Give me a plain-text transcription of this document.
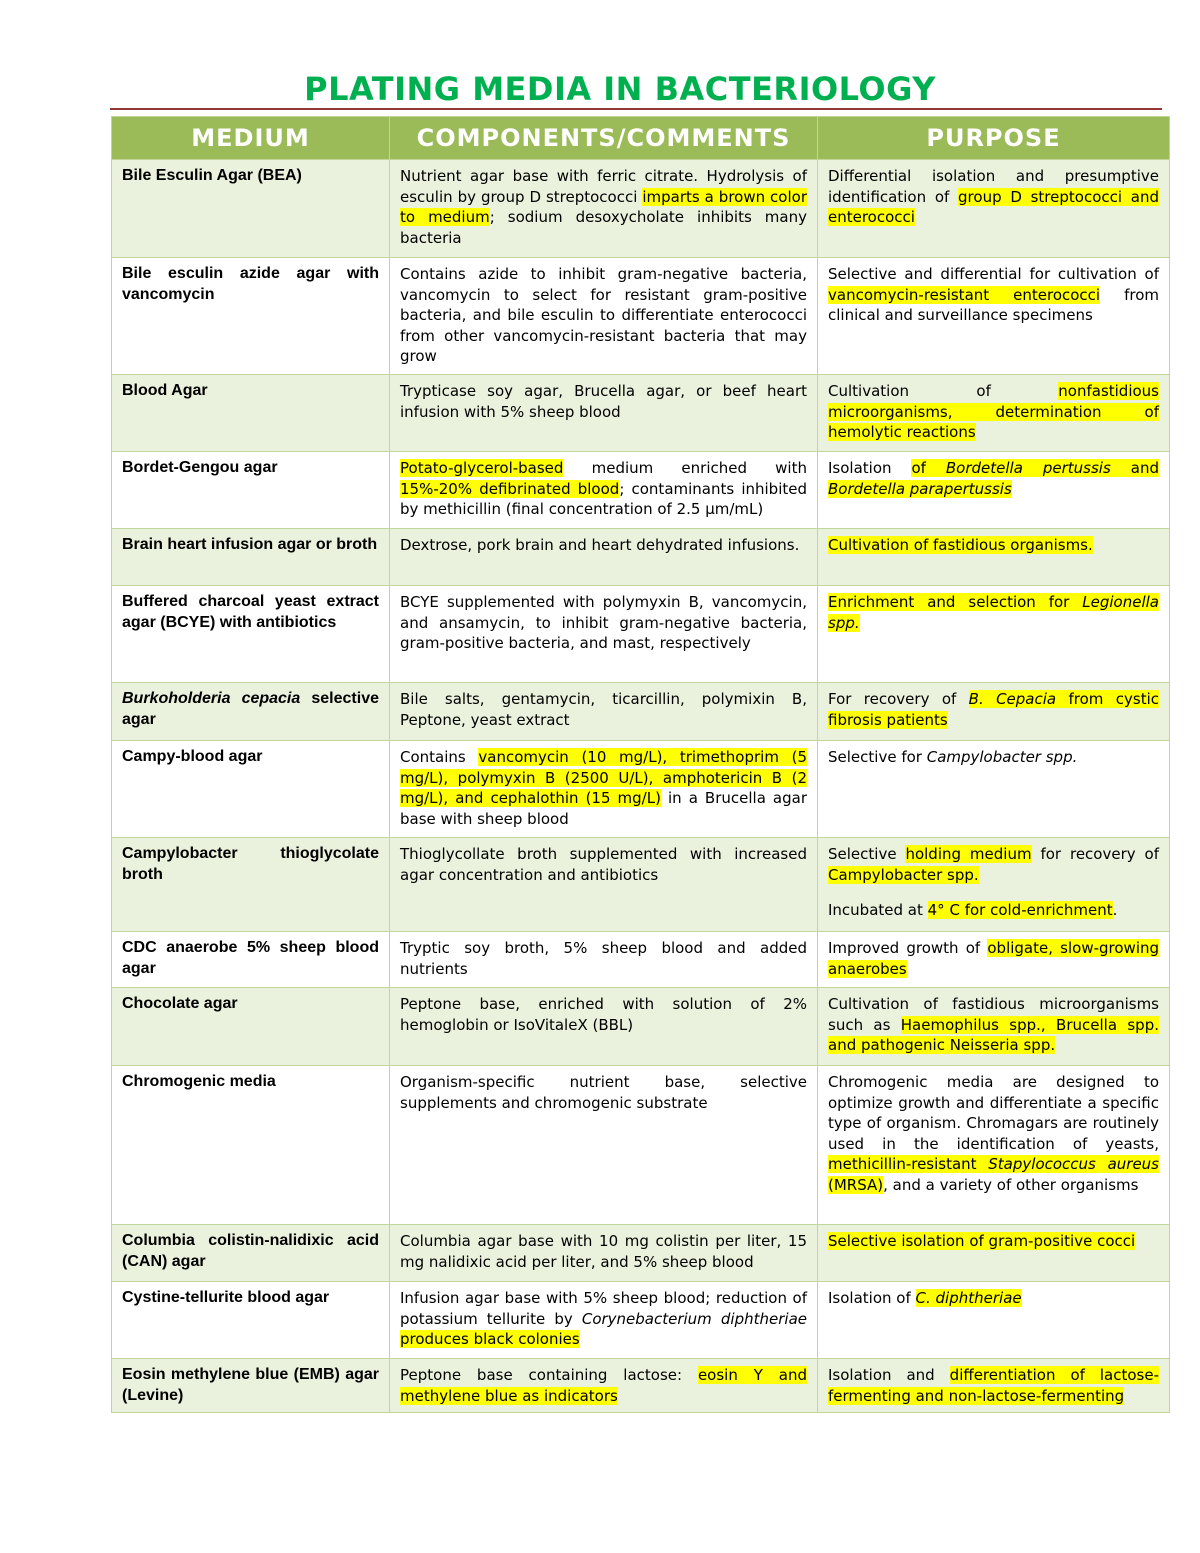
PLATING MEDIA IN BACTERIOLOGY
MEDIUM	COMPONENTS/COMMENTS	PURPOSE
Bile Esculin Agar (BEA)	Nutrient agar base with ferric citrate. Hydrolysis of esculin by group D streptococci imparts a brown color to medium; sodium desoxycholate inhibits many bacteria	Differential isolation and presumptive identification of group D streptococci and enterococci

Bile esculin azide agar with vancomycin	Contains azide to inhibit gram-negative bacteria, vancomycin to select for resistant gram-positive bacteria, and bile esculin to differentiate enterococci from other vancomycin-resistant bacteria that may grow	Selective and differential for cultivation of vancomycin-resistant enterococci from clinical and surveillance specimens

Blood Agar	Trypticase soy agar, Brucella agar, or beef heart infusion with 5% sheep blood	Cultivation of nonfastidious microorganisms, determination of hemolytic reactions

Bordet-Gengou agar	Potato-glycerol-based medium enriched with 15%-20% defibrinated blood; contaminants inhibited by methicillin (final concentration of 2.5 µm/mL)	Isolation of Bordetella pertussis and Bordetella parapertussis

Brain heart infusion agar or broth	Dextrose, pork brain and heart dehydrated infusions.	Cultivation of fastidious organisms.

Buffered charcoal yeast extract agar (BCYE) with antibiotics	BCYE supplemented with polymyxin B, vancomycin, and ansamycin, to inhibit gram-negative bacteria, gram-positive bacteria, and mast, respectively	Enrichment and selection for Legionella spp.

Burkoholderia cepacia selective agar	Bile salts, gentamycin, ticarcillin, polymixin B, Peptone, yeast extract	For recovery of B. Cepacia from cystic fibrosis patients

Campy-blood agar	Contains vancomycin (10 mg/L), trimethoprim (5 mg/L), polymyxin B (2500 U/L), amphotericin B (2 mg/L), and cephalothin (15 mg/L) in a Brucella agar base with sheep blood	Selective for Campylobacter spp.

Campylobacter thioglycolate broth	Thioglycollate broth supplemented with increased agar concentration and antibiotics	Selective holding medium for recovery of Campylobacter spp.

Incubated at 4° C for cold-enrichment.

CDC anaerobe 5% sheep blood agar	Tryptic soy broth, 5% sheep blood and added nutrients	Improved growth of obligate, slow-growing anaerobes

Chocolate agar	Peptone base, enriched with solution of 2% hemoglobin or IsoVitaleX (BBL)	Cultivation of fastidious microorganisms such as Haemophilus spp., Brucella spp. and pathogenic Neisseria spp.

Chromogenic media	Organism-specific nutrient base, selective supplements and chromogenic substrate	Chromogenic media are designed to optimize growth and differentiate a specific type of organism. Chromagars are routinely used in the identification of yeasts, methicillin-resistant Stapylococcus aureus (MRSA), and a variety of other organisms

Columbia colistin-nalidixic acid (CAN) agar	Columbia agar base with 10 mg colistin per liter, 15 mg nalidixic acid per liter, and 5% sheep blood	Selective isolation of gram-positive cocci

Cystine-tellurite blood agar	Infusion agar base with 5% sheep blood; reduction of potassium tellurite by Corynebacterium diphtheriae produces black colonies	Isolation of C. diphtheriae

Eosin methylene blue (EMB) agar (Levine)	Peptone base containing lactose: eosin Y and methylene blue as indicators	Isolation and differentiation of lactose-fermenting and non-lactose-fermenting
